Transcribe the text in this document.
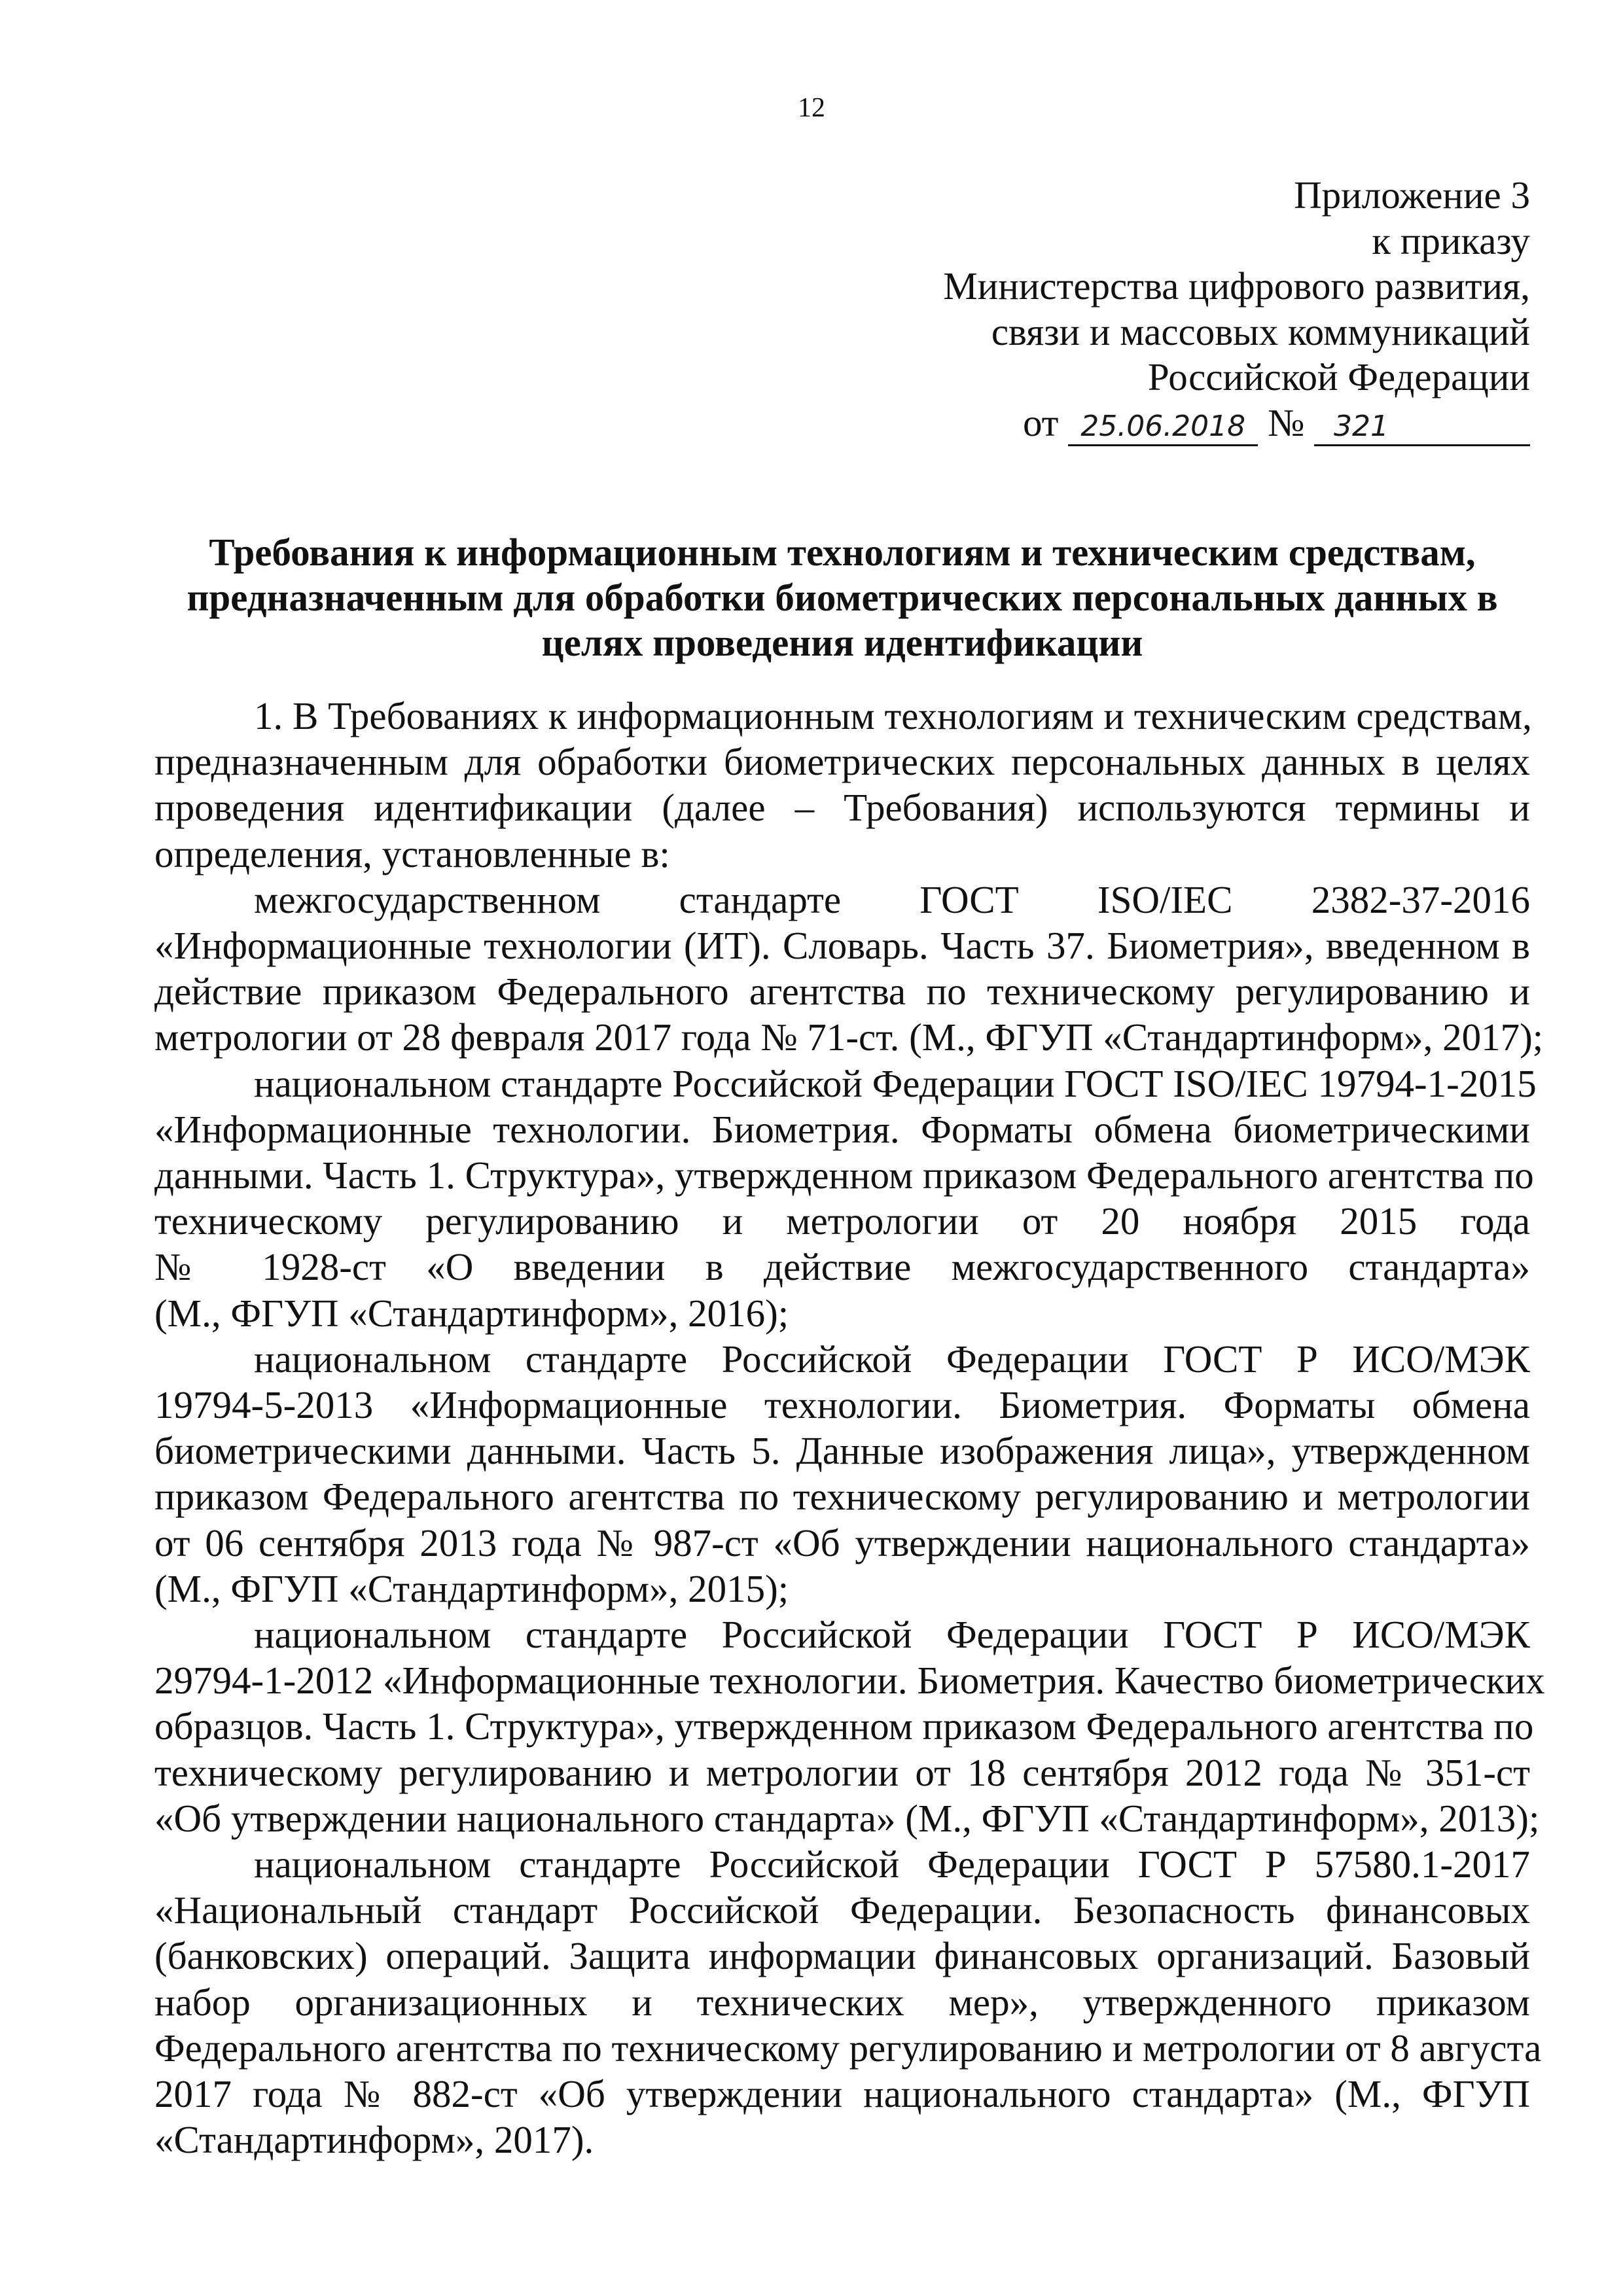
12
Приложение 3
к приказу
Министерства цифрового развития,
связи и массовых коммуникаций
Российской Федерации
от 25.06.2018 № 321
Требования к информационным технологиям и техническим средствам,
предназначенным для обработки биометрических персональных данных в
целях проведения идентификации
1. В Требованиях к информационным технологиям и техническим средствам,
предназначенным для обработки биометрических персональных данных в целях
проведения идентификации (далее – Требования) используются термины и
определения, установленные в:
межгосударственном стандарте ГОСТ ISO/IEC 2382-37-2016
«Информационные технологии (ИТ). Словарь. Часть 37. Биометрия», введенном в
действие приказом Федерального агентства по техническому регулированию и
метрологии от 28 февраля 2017 года № 71-ст. (М., ФГУП «Стандартинформ», 2017);
национальном стандарте Российской Федерации ГОСТ ISO/IEC 19794-1-2015
«Информационные технологии. Биометрия. Форматы обмена биометрическими
данными. Часть 1. Структура», утвержденном приказом Федерального агентства по
техническому регулированию и метрологии от 20 ноября 2015 года
№ 1928-ст «О введении в действие межгосударственного стандарта»
(М., ФГУП «Стандартинформ», 2016);
национальном стандарте Российской Федерации ГОСТ Р ИСО/МЭК
19794-5-2013 «Информационные технологии. Биометрия. Форматы обмена
биометрическими данными. Часть 5. Данные изображения лица», утвержденном
приказом Федерального агентства по техническому регулированию и метрологии
от 06 сентября 2013 года № 987-ст «Об утверждении национального стандарта»
(М., ФГУП «Стандартинформ», 2015);
национальном стандарте Российской Федерации ГОСТ Р ИСО/МЭК
29794-1-2012 «Информационные технологии. Биометрия. Качество биометрических
образцов. Часть 1. Структура», утвержденном приказом Федерального агентства по
техническому регулированию и метрологии от 18 сентября 2012 года № 351-ст
«Об утверждении национального стандарта» (М., ФГУП «Стандартинформ», 2013);
национальном стандарте Российской Федерации ГОСТ Р 57580.1-2017
«Национальный стандарт Российской Федерации. Безопасность финансовых
(банковских) операций. Защита информации финансовых организаций. Базовый
набор организационных и технических мер», утвержденного приказом
Федерального агентства по техническому регулированию и метрологии от 8 августа
2017 года № 882-ст «Об утверждении национального стандарта» (М., ФГУП
«Стандартинформ», 2017).
